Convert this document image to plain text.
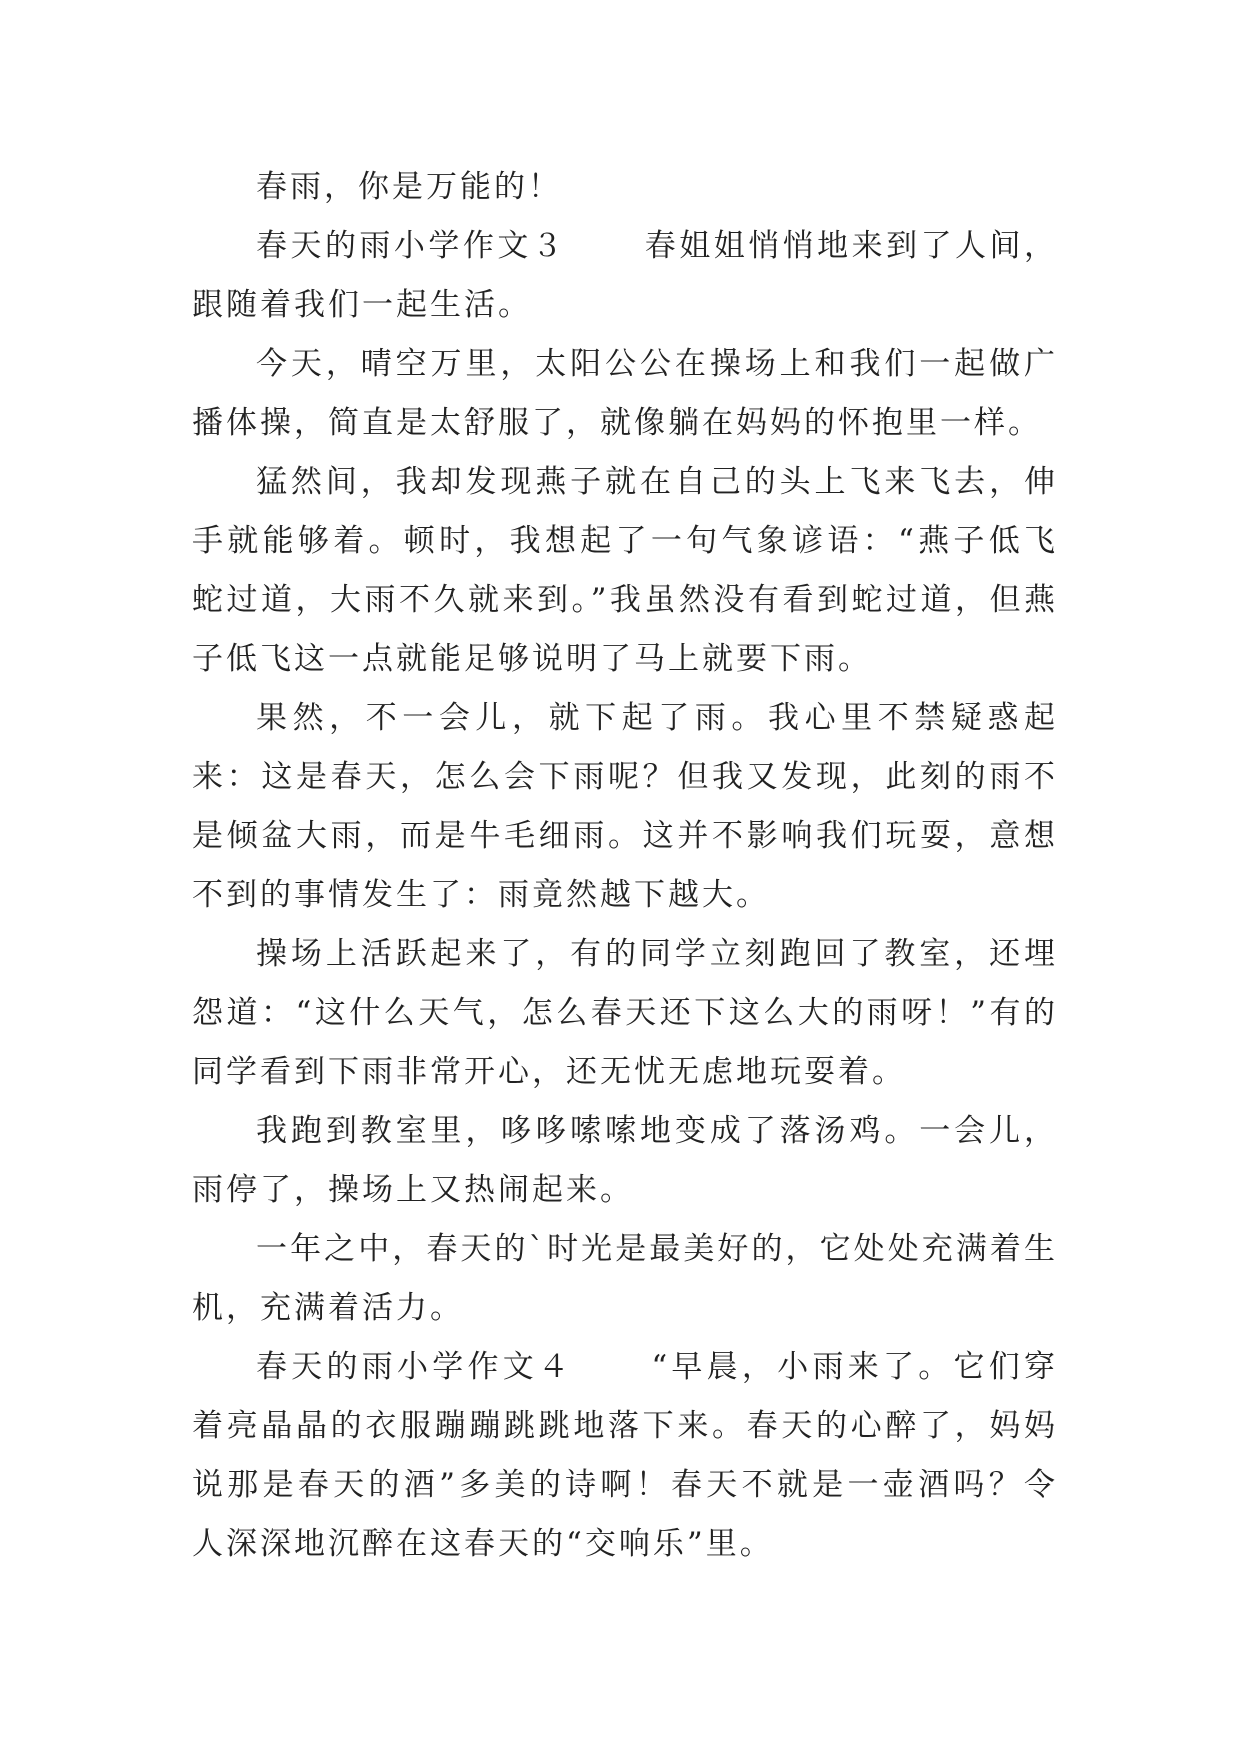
春雨，你是万能的！

春天的雨小学作文３	春姐姐悄悄地来到了人间，跟随着我们一起生活。

今天，晴空万里，太阳公公在操场上和我们一起做广播体操，简直是太舒服了，就像躺在妈妈的怀抱里一样。

猛然间，我却发现燕子就在自己的头上飞来飞去，伸手就能够着。顿时，我想起了一句气象谚语：“燕子低飞蛇过道，大雨不久就来到。”我虽然没有看到蛇过道，但燕子低飞这一点就能足够说明了马上就要下雨。

果然，不一会儿，就下起了雨。我心里不禁疑惑起来：这是春天，怎么会下雨呢？但我又发现，此刻的雨不是倾盆大雨，而是牛毛细雨。这并不影响我们玩耍，意想不到的事情发生了：雨竟然越下越大。

操场上活跃起来了，有的同学立刻跑回了教室，还埋怨道：“这什么天气，怎么春天还下这么大的雨呀！”有的同学看到下雨非常开心，还无忧无虑地玩耍着。

我跑到教室里，哆哆嗦嗦地变成了落汤鸡。一会儿，雨停了，操场上又热闹起来。

一年之中，春天的`时光是最美好的，它处处充满着生机，充满着活力。

春天的雨小学作文４	“早晨，小雨来了。它们穿着亮晶晶的衣服蹦蹦跳跳地落下来。春天的心醉了，妈妈说那是春天的酒”多美的诗啊！春天不就是一壶酒吗？令人深深地沉醉在这春天的“交响乐”里。
